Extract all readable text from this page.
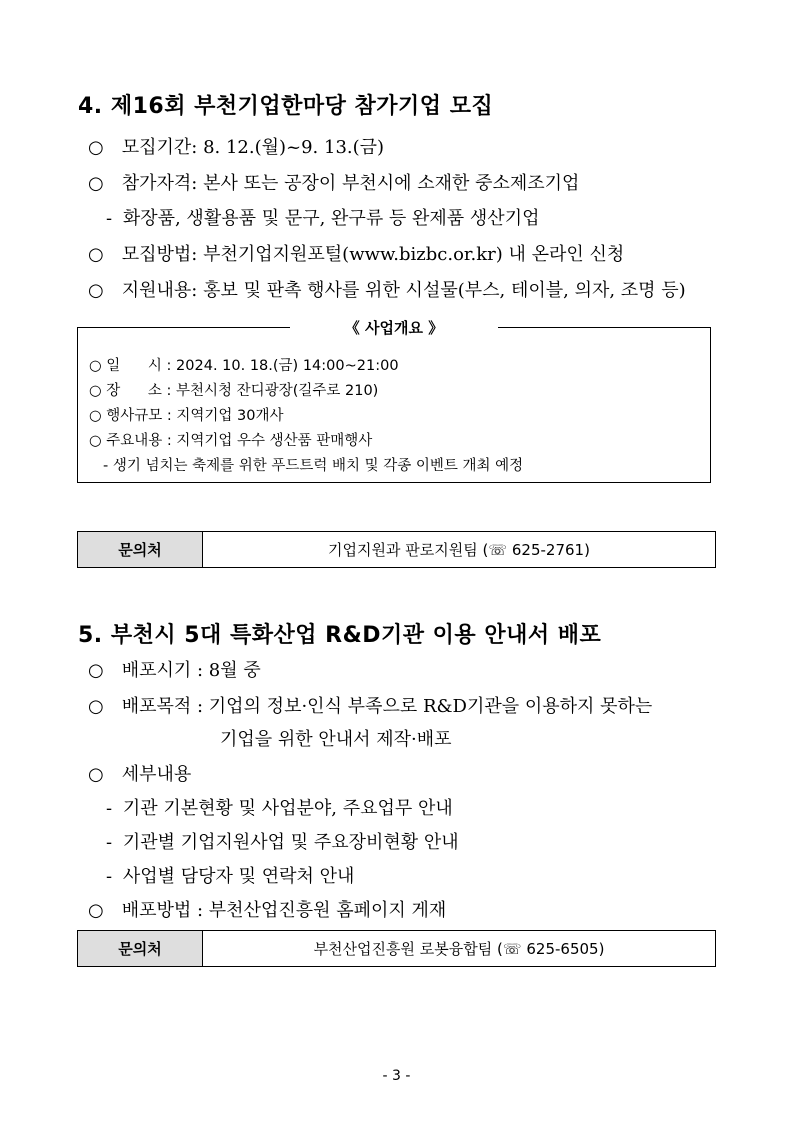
4. 제16회 부천기업한마당 참가기업 모집
○ 모집기간: 8. 12.(월)~9. 13.(금)
○ 참가자격: 본사 또는 공장이 부천시에 소재한 중소제조기업
- 화장품, 생활용품 및 문구, 완구류 등 완제품 생산기업
○ 모집방법: 부천기업지원포털(www.bizbc.or.kr) 내 온라인 신청
○ 지원내용: 홍보 및 판촉 행사를 위한 시설물(부스, 테이블, 의자, 조명 등)
《 사업개요 》
○ 일      시 : 2024. 10. 18.(금) 14:00~21:00
○ 장      소 : 부천시청 잔디광장(길주로 210)
○ 행사규모 : 지역기업 30개사
○ 주요내용 : 지역기업 우수 생산품 판매행사
- 생기 넘치는 축제를 위한 푸드트럭 배치 및 각종 이벤트 개최 예정
문의처	기업지원과 판로지원팀 (☏ 625-2761)
5. 부천시 5대 특화산업 R&D기관 이용 안내서 배포
○ 배포시기 : 8월 중
○ 배포목적 : 기업의 정보·인식 부족으로 R&D기관을 이용하지 못하는
기업을 위한 안내서 제작·배포
○ 세부내용
- 기관 기본현황 및 사업분야, 주요업무 안내
- 기관별 기업지원사업 및 주요장비현황 안내
- 사업별 담당자 및 연락처 안내
○ 배포방법 : 부천산업진흥원 홈페이지 게재
문의처	부천산업진흥원 로봇융합팀 (☏ 625-6505)
- 3 -
